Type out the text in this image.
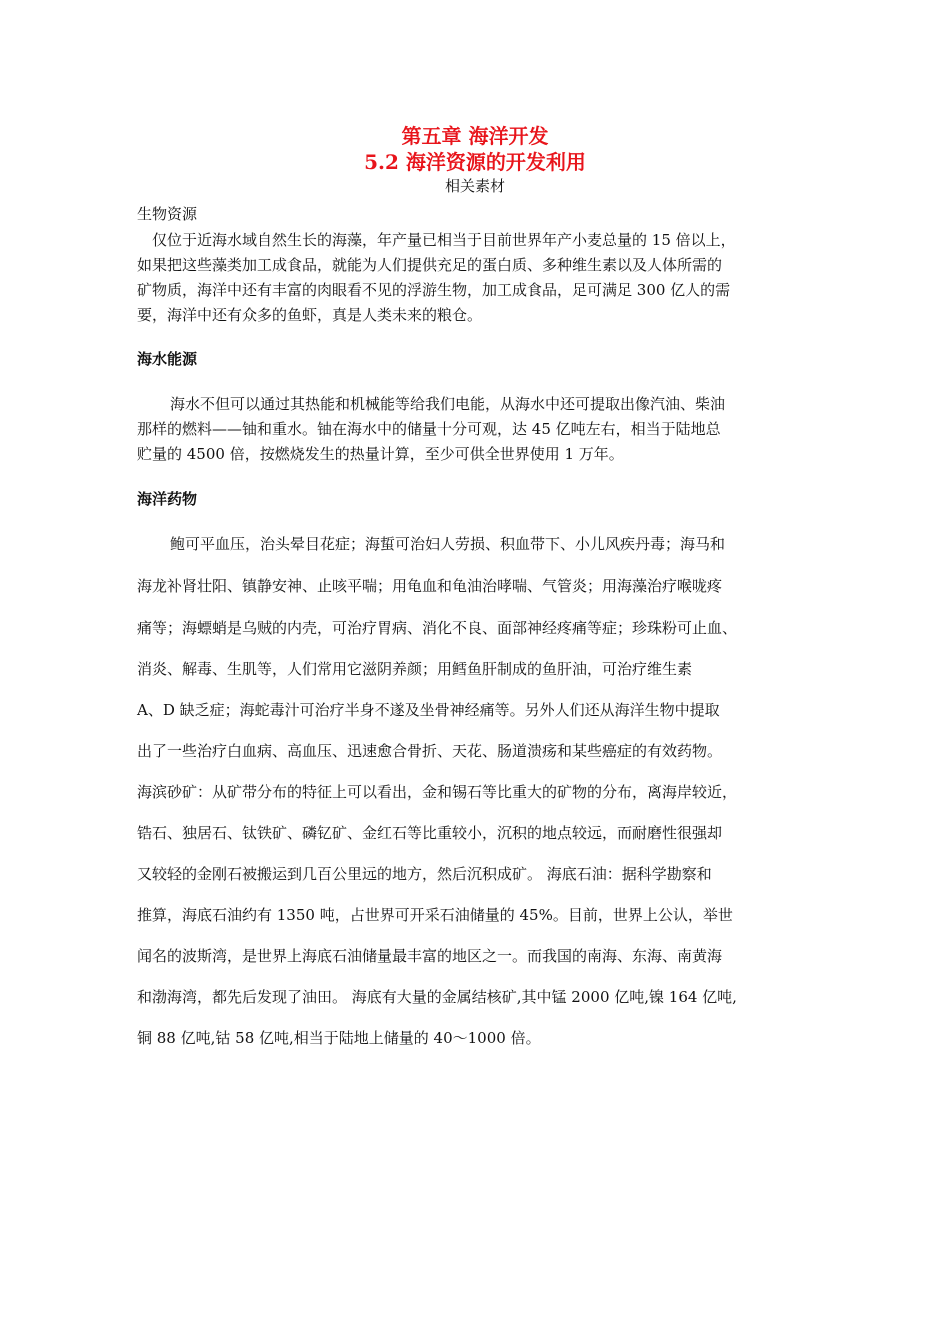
第五章 海洋开发
5.2 海洋资源的开发利用
相关素材
生物资源
仅位于近海水域自然生长的海藻，年产量已相当于目前世界年产小麦总量的 15 倍以上，
如果把这些藻类加工成食品，就能为人们提供充足的蛋白质、多种维生素以及人体所需的
矿物质，海洋中还有丰富的肉眼看不见的浮游生物，加工成食品，足可满足 300 亿人的需
要，海洋中还有众多的鱼虾，真是人类未来的粮仓。
海水能源
海水不但可以通过其热能和机械能等给我们电能，从海水中还可提取出像汽油、柴油
那样的燃料——铀和重水。铀在海水中的储量十分可观，达 45 亿吨左右，相当于陆地总
贮量的 4500 倍，按燃烧发生的热量计算，至少可供全世界使用 1 万年。
海洋药物
鲍可平血压，治头晕目花症；海蜇可治妇人劳损、积血带下、小儿风疾丹毒；海马和
海龙补肾壮阳、镇静安神、止咳平喘；用龟血和龟油治哮喘、气管炎；用海藻治疗喉咙疼
痛等；海螵蛸是乌贼的内壳，可治疗胃病、消化不良、面部神经疼痛等症；珍珠粉可止血、
消炎、解毒、生肌等，人们常用它滋阴养颜；用鳕鱼肝制成的鱼肝油，可治疗维生素
A、D 缺乏症；海蛇毒汁可治疗半身不遂及坐骨神经痛等。另外人们还从海洋生物中提取
出了一些治疗白血病、高血压、迅速愈合骨折、天花、肠道溃疡和某些癌症的有效药物。
海滨砂矿：从矿带分布的特征上可以看出，金和锡石等比重大的矿物的分布，离海岸较近，
锆石、独居石、钛铁矿、磷钇矿、金红石等比重较小，沉积的地点较远，而耐磨性很强却
又较轻的金刚石被搬运到几百公里远的地方，然后沉积成矿。 海底石油：据科学勘察和
推算，海底石油约有 1350 吨，占世界可开采石油储量的 45%。目前，世界上公认，举世
闻名的波斯湾，是世界上海底石油储量最丰富的地区之一。而我国的南海、东海、南黄海
和渤海湾，都先后发现了油田。 海底有大量的金属结核矿,其中锰 2000 亿吨,镍 164 亿吨,
铜 88 亿吨,钴 58 亿吨,相当于陆地上储量的 40～1000 倍。
